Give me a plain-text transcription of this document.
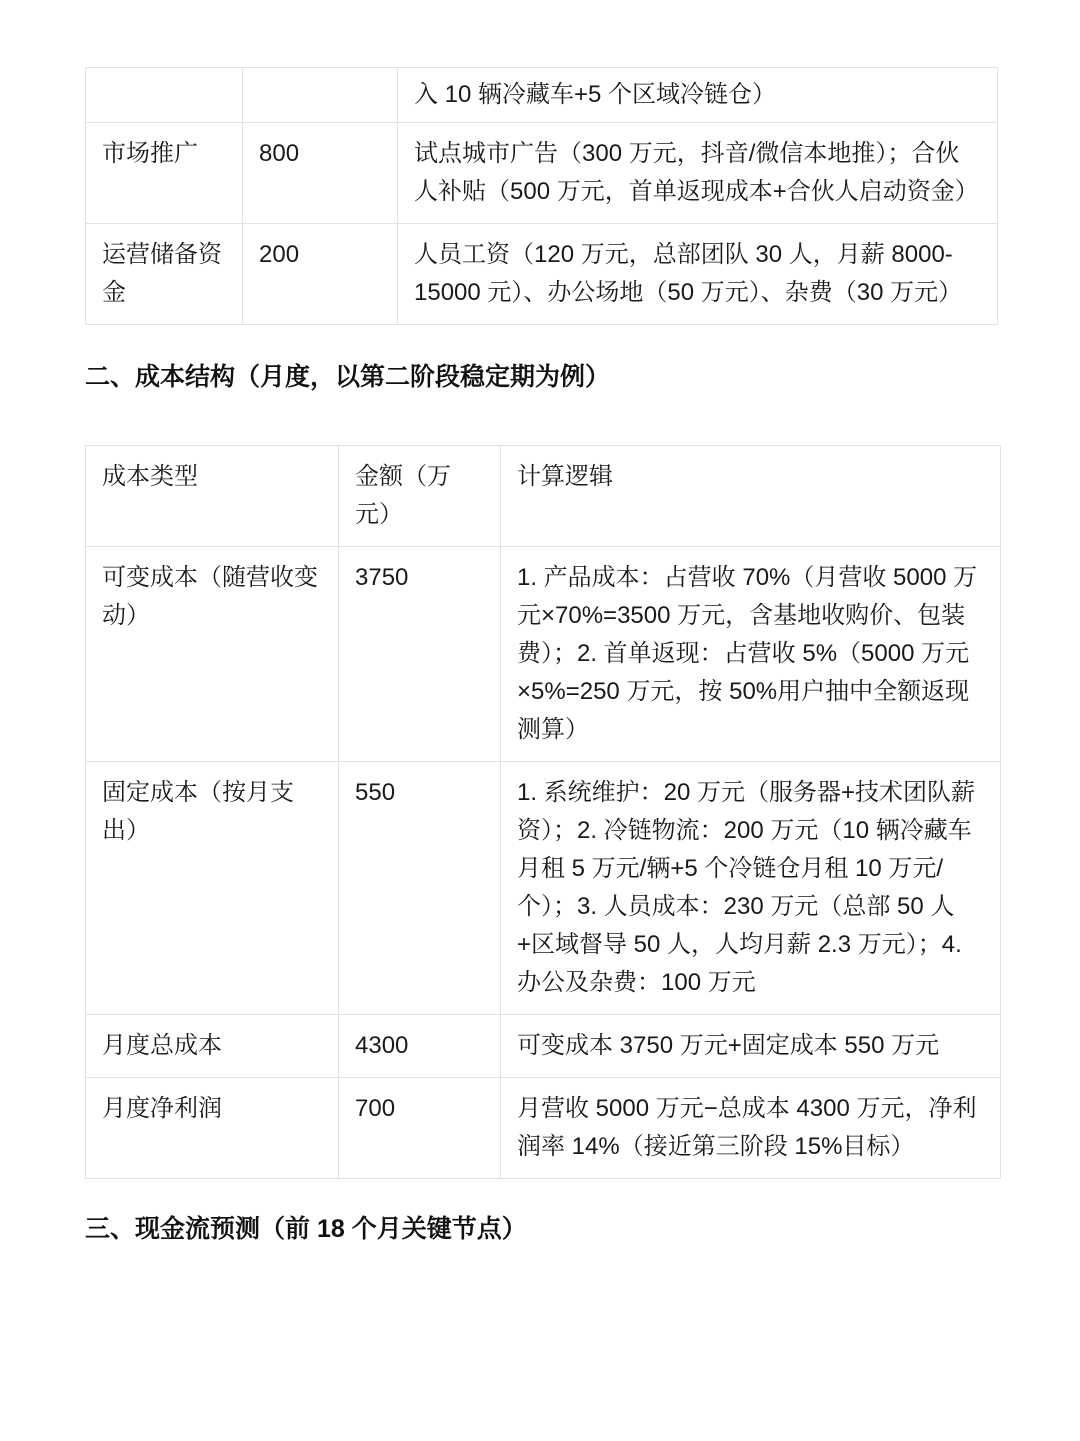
		入 10 辆冷藏车+5 个区域冷链仓）
市场推广	800	试点城市广告（300 万元，抖音/微信本地推）；合伙人补贴（500 万元，首单返现成本+合伙人启动资金）
运营储备资金	200	人员工资（120 万元，总部团队 30 人，月薪 8000-15000 元）、办公场地（50 万元）、杂费（30 万元）
二、成本结构（月度，以第二阶段稳定期为例）
成本类型	金额（万元）	计算逻辑
可变成本（随营收变动）	3750	1. 产品成本：占营收 70%（月营收 5000 万元×70%=3500 万元，含基地收购价、包装费）；2. 首单返现：占营收 5%（5000 万元×5%=250 万元，按 50%用户抽中全额返现测算）
固定成本（按月支出）	550	1. 系统维护：20 万元（服务器+技术团队薪资）；2. 冷链物流：200 万元（10 辆冷藏车月租 5 万元/辆+5 个冷链仓月租 10 万元/个）；3. 人员成本：230 万元（总部 50 人+区域督导 50 人，人均月薪 2.3 万元）；4. 办公及杂费：100 万元
月度总成本	4300	可变成本 3750 万元+固定成本 550 万元
月度净利润	700	月营收 5000 万元−总成本 4300 万元，净利润率 14%（接近第三阶段 15%目标）
三、现金流预测（前 18 个月关键节点）
